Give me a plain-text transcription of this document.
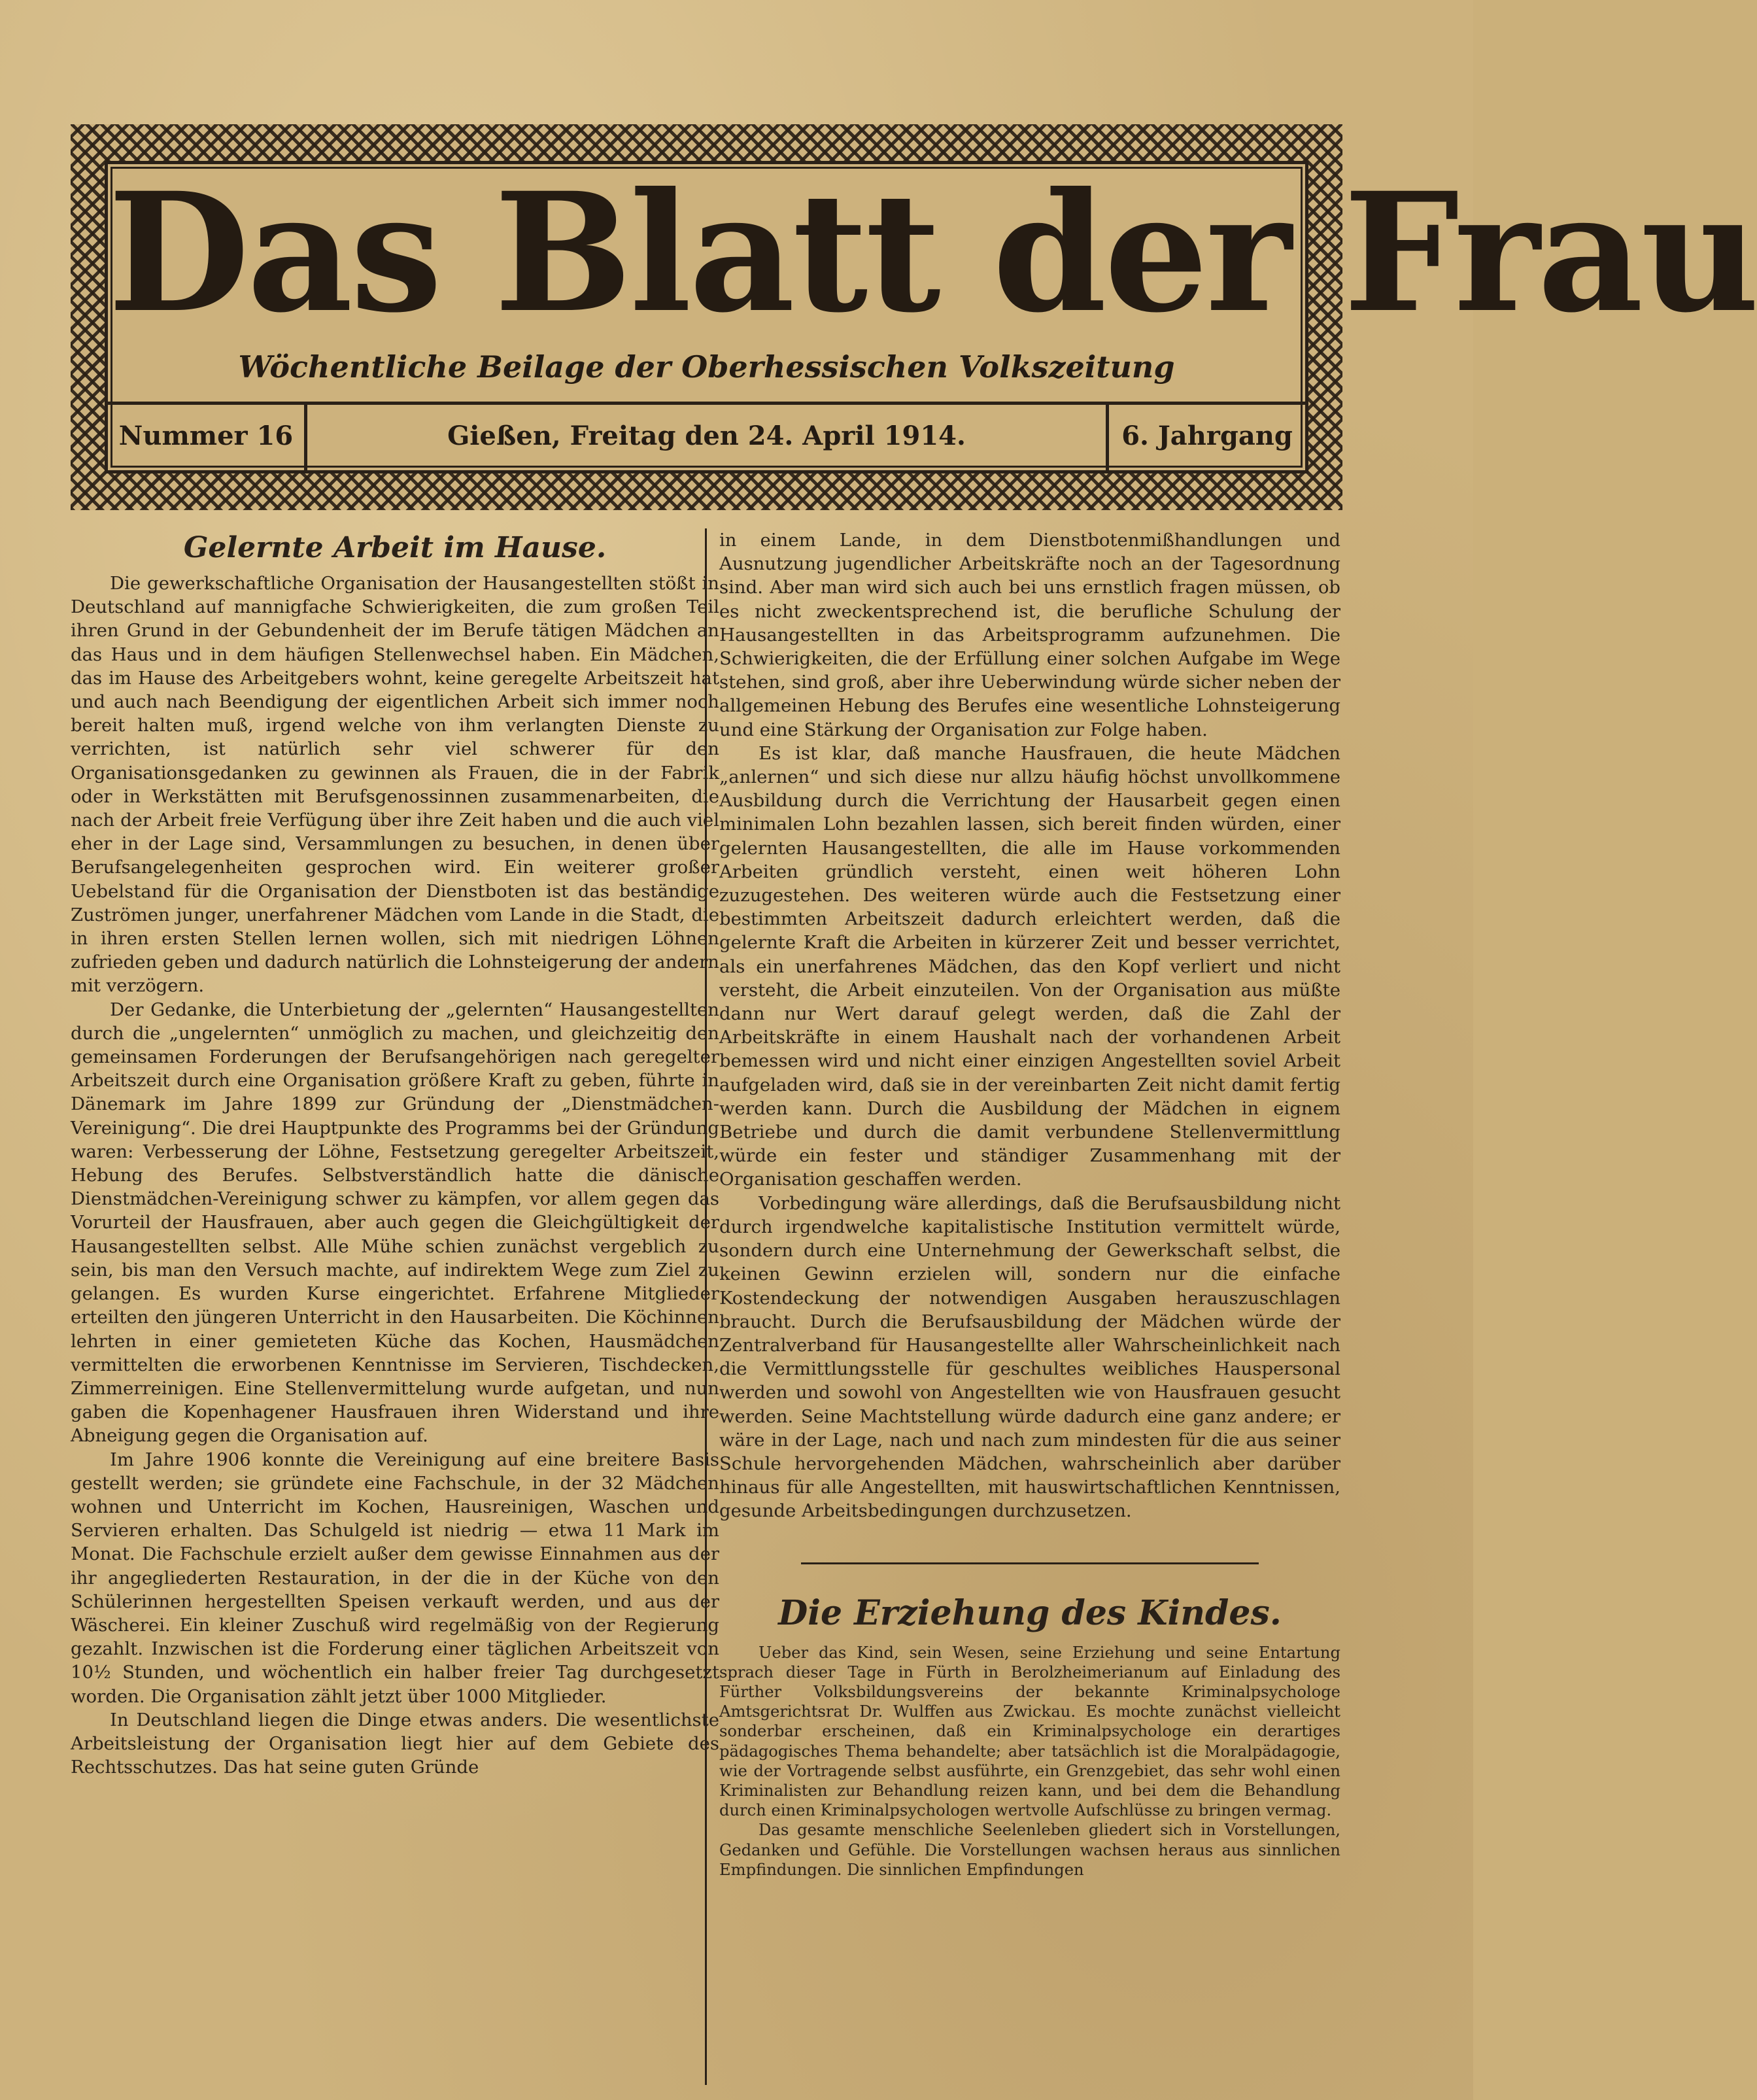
Das Blatt der Frau
Wöchentliche Beilage der Oberhessischen Volkszeitung
Nummer 16	Gießen, Freitag den 24. April 1914.	6. Jahrgang
Gelernte Arbeit im Hause.

Die gewerkschaftliche Organisation der Hausangestellten stößt in Deutschland auf mannigfache Schwierigkeiten, die zum großen Teil ihren Grund in der Gebundenheit der im Berufe tätigen Mädchen an das Haus und in dem häufigen Stellenwechsel haben. Ein Mädchen, das im Hause des Arbeitgebers wohnt, keine geregelte Arbeitszeit hat und auch nach Beendigung der eigentlichen Arbeit sich immer noch bereit halten muß, irgend welche von ihm verlangten Dienste zu verrichten, ist natürlich sehr viel schwerer für den Organisationsgedanken zu gewinnen als Frauen, die in der Fabrik oder in Werkstätten mit Berufsgenossinnen zusammenarbeiten, die nach der Arbeit freie Verfügung über ihre Zeit haben und die auch viel eher in der Lage sind, Versammlungen zu besuchen, in denen über Berufsangelegenheiten gesprochen wird. Ein weiterer großer Uebelstand für die Organisation der Dienstboten ist das beständige Zuströmen junger, unerfahrener Mädchen vom Lande in die Stadt, die in ihren ersten Stellen lernen wollen, sich mit niedrigen Löhnen zufrieden geben und dadurch natürlich die Lohnsteigerung der andern mit verzögern.

Der Gedanke, die Unterbietung der „gelernten“ Hausangestellten durch die „ungelernten“ unmöglich zu machen, und gleichzeitig den gemeinsamen Forderungen der Berufsangehörigen nach geregelter Arbeitszeit durch eine Organisation größere Kraft zu geben, führte in Dänemark im Jahre 1899 zur Gründung der „Dienstmädchen-Vereinigung“. Die drei Hauptpunkte des Programms bei der Gründung waren: Verbesserung der Löhne, Festsetzung geregelter Arbeitszeit, Hebung des Berufes. Selbstverständlich hatte die dänische Dienstmädchen-Vereinigung schwer zu kämpfen, vor allem gegen das Vorurteil der Hausfrauen, aber auch gegen die Gleichgültigkeit der Hausangestellten selbst. Alle Mühe schien zunächst vergeblich zu sein, bis man den Versuch machte, auf indirektem Wege zum Ziel zu gelangen. Es wurden Kurse eingerichtet. Erfahrene Mitglieder erteilten den jüngeren Unterricht in den Hausarbeiten. Die Köchinnen lehrten in einer gemieteten Küche das Kochen, Hausmädchen vermittelten die erworbenen Kenntnisse im Servieren, Tischdecken, Zimmerreinigen. Eine Stellenvermittelung wurde aufgetan, und nun gaben die Kopenhagener Hausfrauen ihren Widerstand und ihre Abneigung gegen die Organisation auf.

Im Jahre 1906 konnte die Vereinigung auf eine breitere Basis gestellt werden; sie gründete eine Fachschule, in der 32 Mädchen wohnen und Unterricht im Kochen, Hausreinigen, Waschen und Servieren erhalten. Das Schulgeld ist niedrig — etwa 11 Mark im Monat. Die Fachschule erzielt außer dem gewisse Einnahmen aus der ihr angegliederten Restauration, in der die in der Küche von den Schülerinnen hergestellten Speisen verkauft werden, und aus der Wäscherei. Ein kleiner Zuschuß wird regelmäßig von der Regierung gezahlt. Inzwischen ist die Forderung einer täglichen Arbeitszeit von 10½ Stunden, und wöchentlich ein halber freier Tag durchgesetzt worden. Die Organisation zählt jetzt über 1000 Mitglieder.

In Deutschland liegen die Dinge etwas anders. Die wesentlichste Arbeitsleistung der Organisation liegt hier auf dem Gebiete des Rechtsschutzes. Das hat seine guten Gründe

in einem Lande, in dem Dienstbotenmißhandlungen und Ausnutzung jugendlicher Arbeitskräfte noch an der Tagesordnung sind. Aber man wird sich auch bei uns ernstlich fragen müssen, ob es nicht zweckentsprechend ist, die berufliche Schulung der Hausangestellten in das Arbeitsprogramm aufzunehmen. Die Schwierigkeiten, die der Erfüllung einer solchen Aufgabe im Wege stehen, sind groß, aber ihre Ueberwindung würde sicher neben der allgemeinen Hebung des Berufes eine wesentliche Lohnsteigerung und eine Stärkung der Organisation zur Folge haben.

Es ist klar, daß manche Hausfrauen, die heute Mädchen „anlernen“ und sich diese nur allzu häufig höchst unvollkommene Ausbildung durch die Verrichtung der Hausarbeit gegen einen minimalen Lohn bezahlen lassen, sich bereit finden würden, einer gelernten Hausangestellten, die alle im Hause vorkommenden Arbeiten gründlich versteht, einen weit höheren Lohn zuzugestehen. Des weiteren würde auch die Festsetzung einer bestimmten Arbeitszeit dadurch erleichtert werden, daß die gelernte Kraft die Arbeiten in kürzerer Zeit und besser verrichtet, als ein unerfahrenes Mädchen, das den Kopf verliert und nicht versteht, die Arbeit einzuteilen. Von der Organisation aus müßte dann nur Wert darauf gelegt werden, daß die Zahl der Arbeitskräfte in einem Haushalt nach der vorhandenen Arbeit bemessen wird und nicht einer einzigen Angestellten soviel Arbeit aufgeladen wird, daß sie in der vereinbarten Zeit nicht damit fertig werden kann. Durch die Ausbildung der Mädchen in eignem Betriebe und durch die damit verbundene Stellenvermittlung würde ein fester und ständiger Zusammenhang mit der Organisation geschaffen werden.

Vorbedingung wäre allerdings, daß die Berufsausbildung nicht durch irgendwelche kapitalistische Institution vermittelt würde, sondern durch eine Unternehmung der Gewerkschaft selbst, die keinen Gewinn erzielen will, sondern nur die einfache Kostendeckung der notwendigen Ausgaben herauszuschlagen braucht. Durch die Berufsausbildung der Mädchen würde der Zentralverband für Hausangestellte aller Wahrscheinlichkeit nach die Vermittlungsstelle für geschultes weibliches Hauspersonal werden und sowohl von Angestellten wie von Hausfrauen gesucht werden. Seine Machtstellung würde dadurch eine ganz andere; er wäre in der Lage, nach und nach zum mindesten für die aus seiner Schule hervorgehenden Mädchen, wahrscheinlich aber darüber hinaus für alle Angestellten, mit hauswirtschaftlichen Kenntnissen, gesunde Arbeitsbedingungen durchzusetzen.

Die Erziehung des Kindes.

Ueber das Kind, sein Wesen, seine Erziehung und seine Entartung sprach dieser Tage in Fürth in Berolzheimerianum auf Einladung des Fürther Volksbildungsvereins der bekannte Kriminalpsychologe Amtsgerichtsrat Dr. Wulffen aus Zwickau. Es mochte zunächst vielleicht sonderbar erscheinen, daß ein Kriminalpsychologe ein derartiges pädagogisches Thema behandelte; aber tatsächlich ist die Moralpädagogie, wie der Vortragende selbst ausführte, ein Grenzgebiet, das sehr wohl einen Kriminalisten zur Behandlung reizen kann, und bei dem die Behandlung durch einen Kriminalpsychologen wertvolle Aufschlüsse zu bringen vermag.

Das gesamte menschliche Seelenleben gliedert sich in Vorstellungen, Gedanken und Gefühle. Die Vorstellungen wachsen heraus aus sinnlichen Empfindungen. Die sinnlichen Empfindungen
